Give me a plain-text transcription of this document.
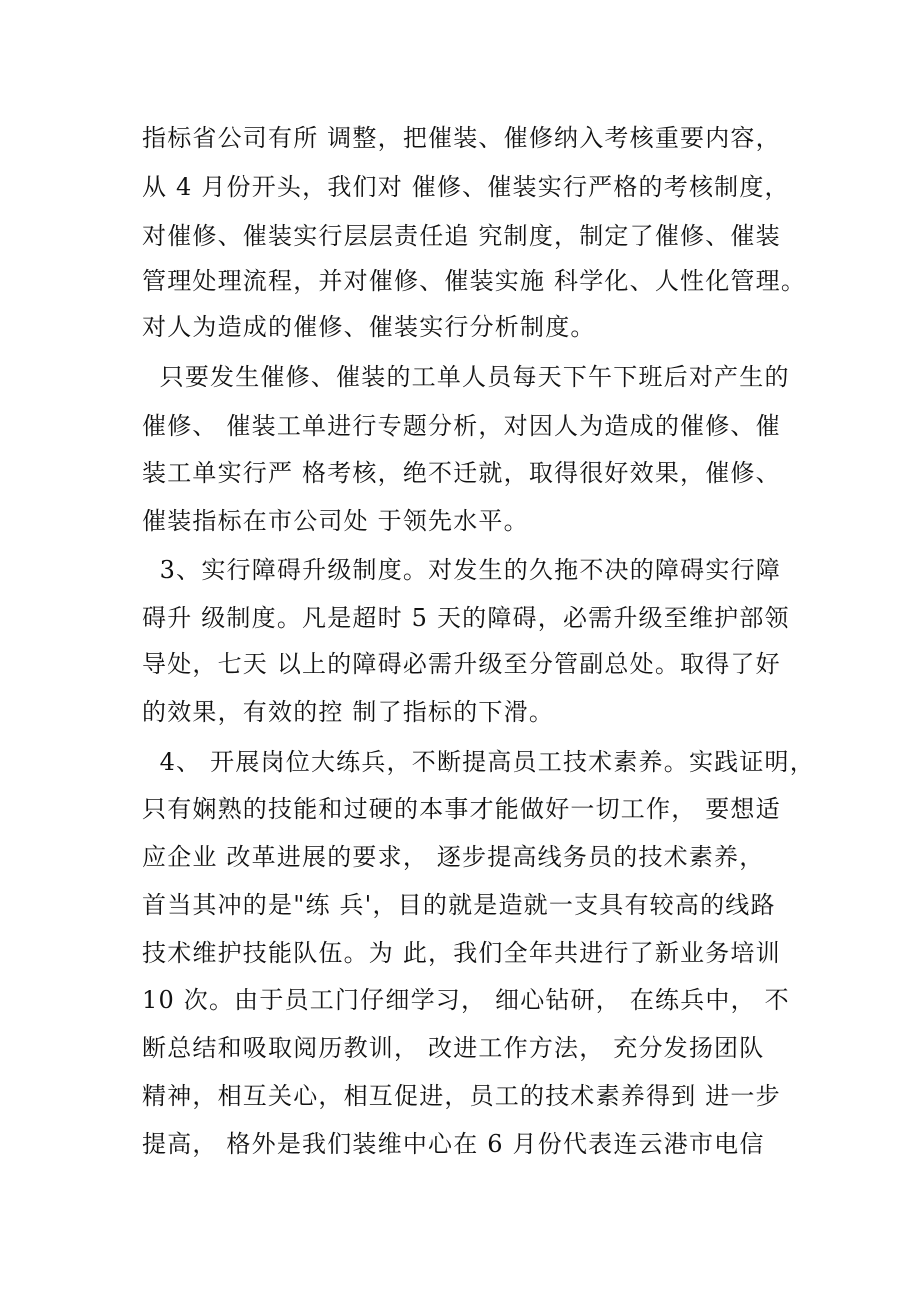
指标省公司有所 调整，把催装、催修纳入考核重要内容，
从 4 月份开头，我们对 催修、催装实行严格的考核制度，
对催修、催装实行层层责任追 究制度，制定了催修、催装
管理处理流程，并对催修、催装实施 科学化、人性化管理。
对人为造成的催修、催装实行分析制度。
只要发生催修、催装的工单人员每天下午下班后对产生的
催修、 催装工单进行专题分析，对因人为造成的催修、催
装工单实行严 格考核，绝不迁就，取得很好效果，催修、
催装指标在市公司处 于领先水平。
3、实行障碍升级制度。对发生的久拖不决的障碍实行障
碍升 级制度。凡是超时 5 天的障碍，必需升级至维护部领
导处，七天 以上的障碍必需升级至分管副总处。取得了好
的效果，有效的控 制了指标的下滑。
4、 开展岗位大练兵，不断提高员工技术素养。实践证明，
只有娴熟的技能和过硬的本事才能做好一切工作， 要想适
应企业 改革进展的要求， 逐步提高线务员的技术素养，
首当其冲的是"练 兵'，目的就是造就一支具有较高的线路
技术维护技能队伍。为 此，我们全年共进行了新业务培训
10 次。由于员工门仔细学习， 细心钻研， 在练兵中， 不
断总结和吸取阅历教训， 改进工作方法， 充分发扬团队
精神，相互关心，相互促进，员工的技术素养得到 进一步
提高， 格外是我们装维中心在 6 月份代表连云港市电信
